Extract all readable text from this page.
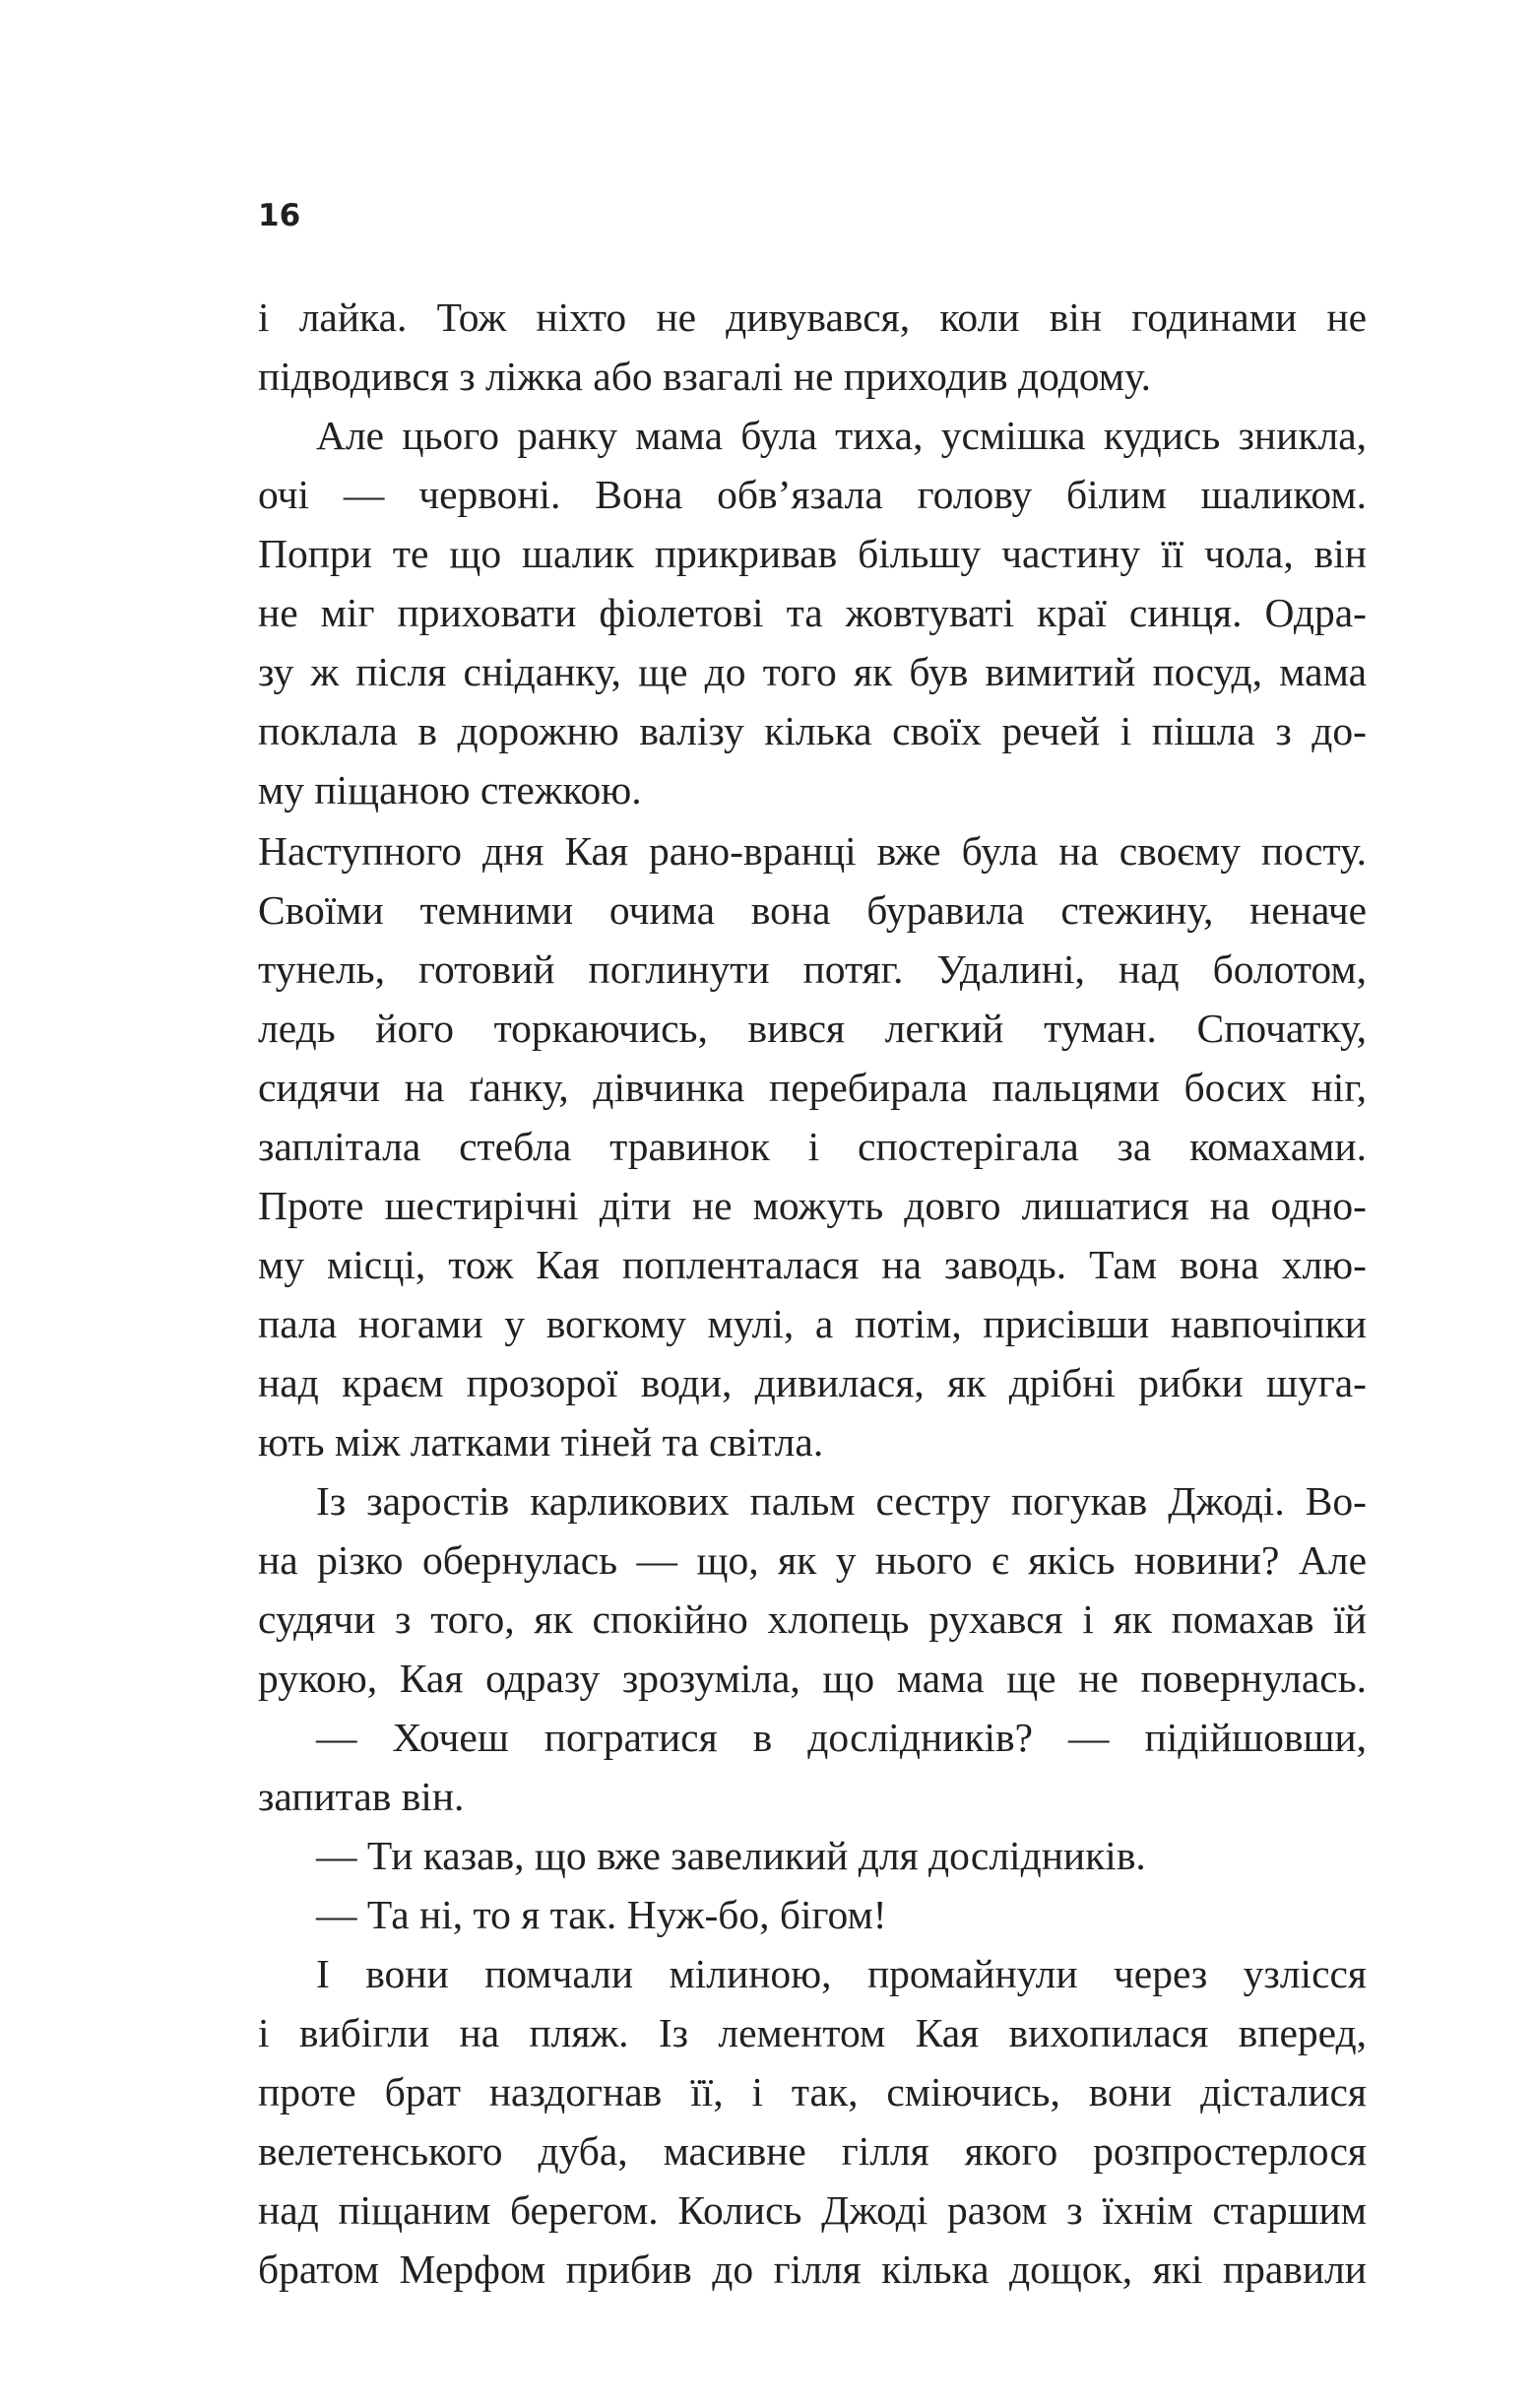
16
і лайка. Тож ніхто не дивувався, коли він годинами не
підводився з ліжка або взагалі не приходив додому.
Але цього ранку мама була тиха, усмішка кудись зникла,
очі — червоні. Вона обв’язала голову білим шаликом.
Попри те що шалик прикривав більшу частину її чола, він
не міг приховати фіолетові та жовтуваті краї синця. Одра-
зу ж після сніданку, ще до того як був вимитий посуд, мама
поклала в дорожню валізу кілька своїх речей і пішла з до-
му піщаною стежкою.
Наступного дня Кая рано-вранці вже була на своєму посту.
Своїми темними очима вона буравила стежину, неначе
тунель, готовий поглинути потяг. Удалині, над болотом,
ледь його торкаючись, вився легкий туман. Спочатку,
сидячи на ґанку, дівчинка перебирала пальцями босих ніг,
заплітала стебла травинок і спостерігала за комахами.
Проте шестирічні діти не можуть довго лишатися на одно-
му місці, тож Кая попленталася на заводь. Там вона хлю-
пала ногами у вогкому мулі, а потім, присівши навпочіпки
над краєм прозорої води, дивилася, як дрібні рибки шуга-
ють між латками тіней та світла.
Із заростів карликових пальм сестру погукав Джоді. Во-
на різко обернулась — що, як у нього є якісь новини? Але
судячи з того, як спокійно хлопець рухався і як помахав їй
рукою, Кая одразу зрозуміла, що мама ще не повернулась.
— Хочеш погратися в дослідників? — підійшовши,
запитав він.
— Ти казав, що вже завеликий для дослідників.
— Та ні, то я так. Нуж-бо, бігом!
І вони помчали мілиною, промайнули через узлісся
і вибігли на пляж. Із лементом Кая вихопилася вперед,
проте брат наздогнав її, і так, сміючись, вони дісталися
велетенського дуба, масивне гілля якого розпростерлося
над піщаним берегом. Колись Джоді разом з їхнім старшим
братом Мерфом прибив до гілля кілька дощок, які правили
